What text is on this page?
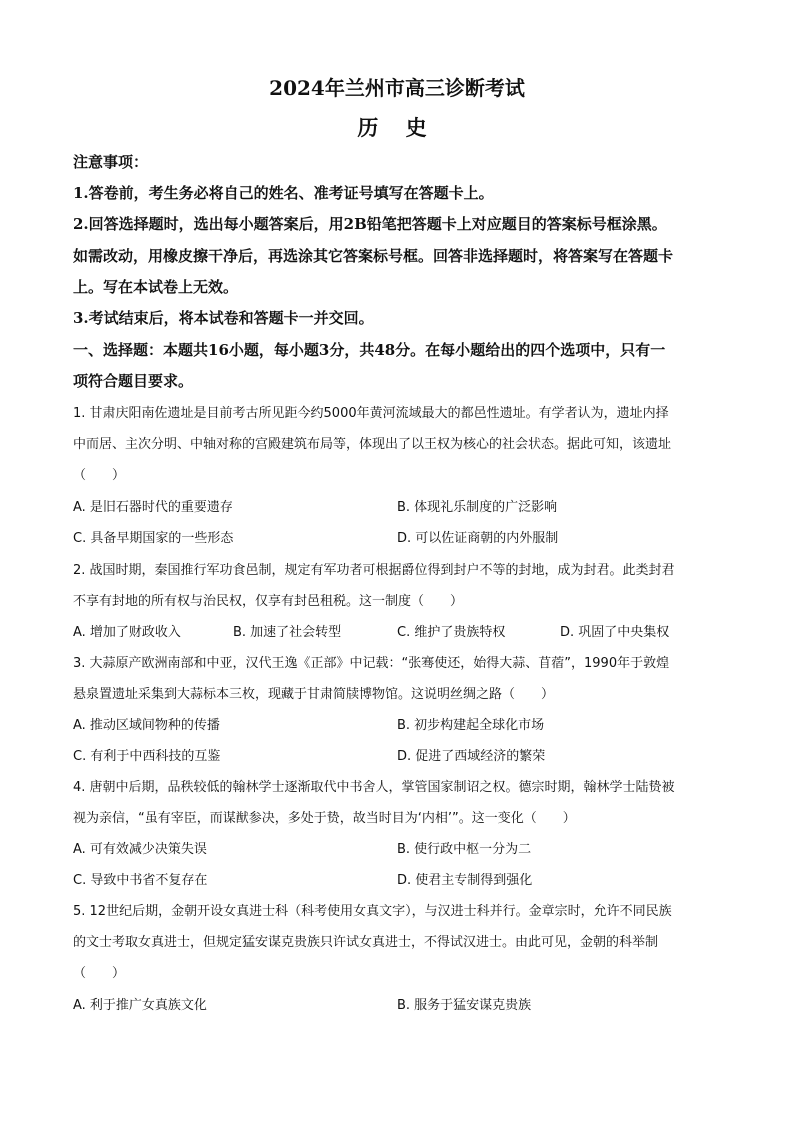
2024年兰州市高三诊断考试
历 史
注意事项：
1.答卷前，考生务必将自己的姓名、准考证号填写在答题卡上。
2.回答选择题时，选出每小题答案后，用2B铅笔把答题卡上对应题目的答案标号框涂黑。
如需改动，用橡皮擦干净后，再选涂其它答案标号框。回答非选择题时，将答案写在答题卡
上。写在本试卷上无效。
3.考试结束后，将本试卷和答题卡一并交回。
一、选择题：本题共16小题，每小题3分，共48分。在每小题给出的四个选项中，只有一
项符合题目要求。
1. 甘肃庆阳南佐遗址是目前考古所见距今约5000年黄河流域最大的都邑性遗址。有学者认为，遗址内择
中而居、主次分明、中轴对称的宫殿建筑布局等，体现出了以王权为核心的社会状态。据此可知，该遗址
（　　）
A. 是旧石器时代的重要遗存	B. 体现礼乐制度的广泛影响
C. 具备早期国家的一些形态	D. 可以佐证商朝的内外服制
2. 战国时期，秦国推行军功食邑制，规定有军功者可根据爵位得到封户不等的封地，成为封君。此类封君
不享有封地的所有权与治民权，仅享有封邑租税。这一制度（　　）
A. 增加了财政收入	B. 加速了社会转型	C. 维护了贵族特权	D. 巩固了中央集权
3. 大蒜原产欧洲南部和中亚，汉代王逸《正部》中记载：“张骞使还，始得大蒜、苜蓿”，1990年于敦煌
悬泉置遗址采集到大蒜标本三枚，现藏于甘肃简牍博物馆。这说明丝绸之路（　　）
A. 推动区域间物种的传播	B. 初步构建起全球化市场
C. 有利于中西科技的互鉴	D. 促进了西域经济的繁荣
4. 唐朝中后期，品秩较低的翰林学士逐渐取代中书舍人，掌管国家制诏之权。德宗时期，翰林学士陆贽被
视为亲信，“虽有宰臣，而谋猷参决，多处于贽，故当时目为‘内相’”。这一变化（　　）
A. 可有效减少决策失误	B. 使行政中枢一分为二
C. 导致中书省不复存在	D. 使君主专制得到强化
5. 12世纪后期，金朝开设女真进士科（科考使用女真文字），与汉进士科并行。金章宗时，允许不同民族
的文士考取女真进士，但规定猛安谋克贵族只许试女真进士，不得试汉进士。由此可见，金朝的科举制
（　　）
A. 利于推广女真族文化	B. 服务于猛安谋克贵族
